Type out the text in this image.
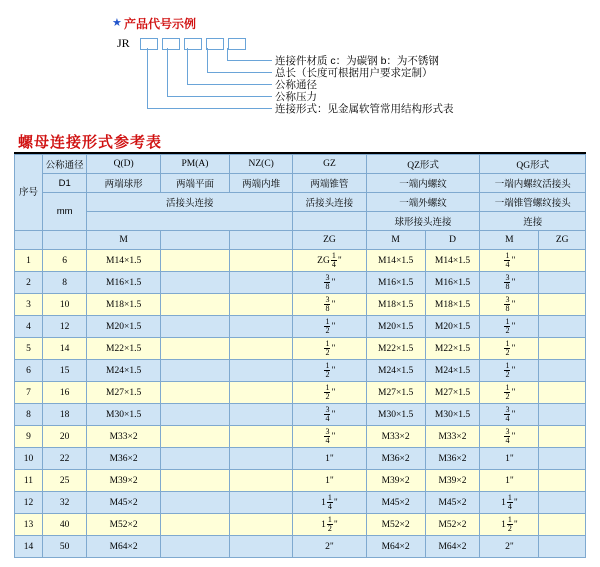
★ 产品代号示例
JR
连接件材质 c：为碳钢 b：为不锈钢
总长（长度可根据用户要求定制）
公称通径
公称压力
连接形式：见金属软管常用结构形式表
螺母连接形式参考表
序号	公称通径	Q(D)	PM(A)	NZ(C)	GZ	QZ形式		QG形式	
	D1	两端球形	两端平面	两端内堆	两端锥管	一端内螺纹		一端内螺纹活接头	
	mm	活接头连接			活接头连接	一端外螺纹		一端锥管螺纹接头	
						球形接头连接		连接	
		M			ZG	M	D	M	ZG
1	6	M14×1.5			ZG $\frac{1}{4}$ "	M14×1.5	M14×1.5	$\frac{1}{4}$ "	
2	8	M16×1.5			$\frac{3}{8}$ "	M16×1.5	M16×1.5	$\frac{3}{8}$ "	
3	10	M18×1.5			$\frac{3}{8}$ "	M18×1.5	M18×1.5	$\frac{3}{8}$ "	
4	12	M20×1.5			$\frac{1}{2}$ "	M20×1.5	M20×1.5	$\frac{1}{2}$ "	
5	14	M22×1.5			$\frac{1}{2}$ "	M22×1.5	M22×1.5	$\frac{1}{2}$ "	
6	15	M24×1.5			$\frac{1}{2}$ "	M24×1.5	M24×1.5	$\frac{1}{2}$ "	
7	16	M27×1.5			$\frac{1}{2}$ "	M27×1.5	M27×1.5	$\frac{1}{2}$ "	
8	18	M30×1.5			$\frac{3}{4}$ "	M30×1.5	M30×1.5	$\frac{3}{4}$ "	
9	20	M33×2			$\frac{3}{4}$ "	M33×2	M33×2	$\frac{3}{4}$ "	
10	22	M36×2			1"	M36×2	M36×2	1"	
11	25	M39×2			1"	M39×2	M39×2	1"	
12	32	M45×2			$1 \frac{1}{4}$ "	M45×2	M45×2	$1 \frac{1}{4}$ "	
13	40	M52×2			$1 \frac{1}{2}$ "	M52×2	M52×2	$1 \frac{1}{2}$ "	
14	50	M64×2			2"	M64×2	M64×2	2"	
